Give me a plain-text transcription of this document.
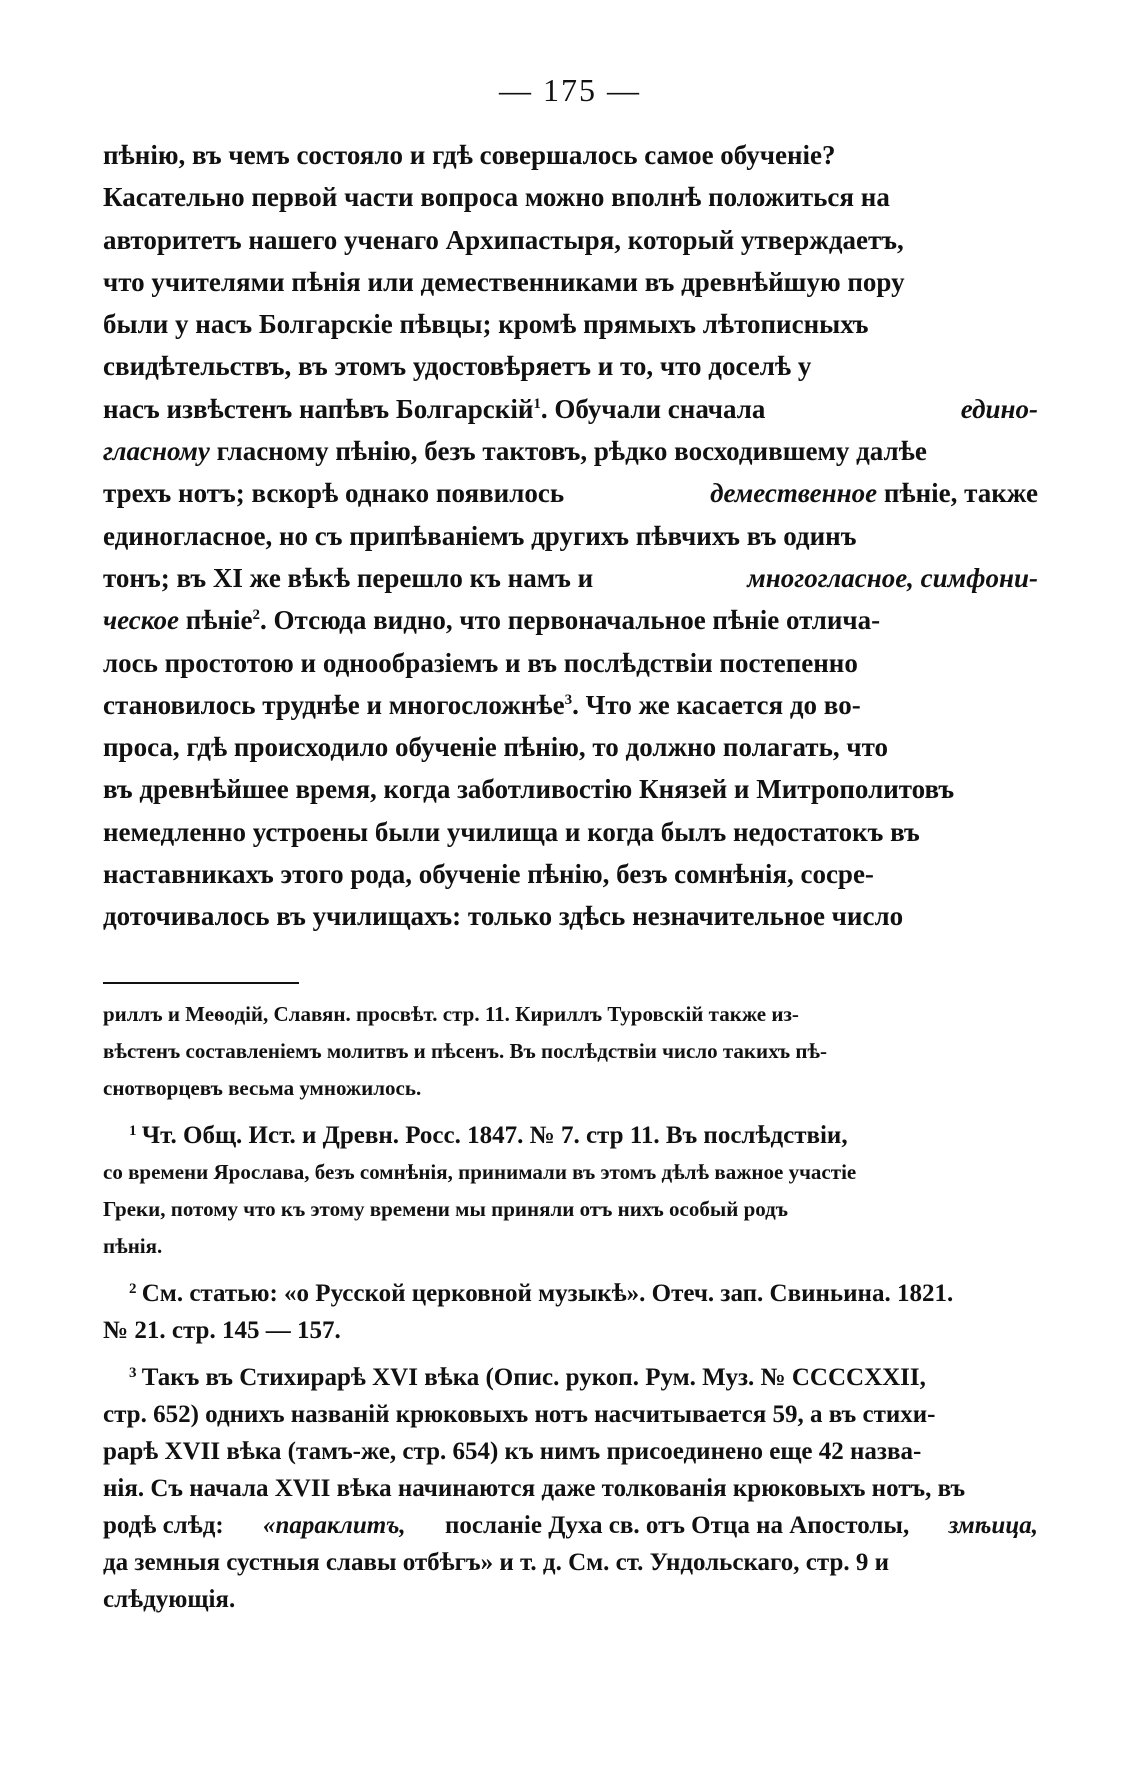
— 175 —
пѣнію, въ чемъ состояло и гдѣ совершалось самое обученіе?
Касательно первой части вопроса можно вполнѣ положиться на
авторитетъ нашего ученаго Архипастыря, который утверждаетъ,
что учителями пѣнія или демественниками въ древнѣйшую пору
были у насъ Болгарскіе пѣвцы; кромѣ прямыхъ лѣтописныхъ
свидѣтельствъ, въ этомъ удостовѣряетъ и то, что доселѣ у
насъ извѣстенъ напѣвъ Болгарскій$^1$. Обучали сначала	едино-
гласному гласному пѣнію, безъ тактовъ, рѣдко восходившему далѣе
трехъ нотъ; вскорѣ однако появилось	демественное пѣніе, также
единогласное, но съ припѣваніемъ другихъ пѣвчихъ въ одинъ
тонъ; въ XI же вѣкѣ перешло къ намъ и	многогласное, симфони-
ческое пѣніе$^2$. Отсюда видно, что первоначальное пѣніе отлича-
лось простотою и однообразіемъ и въ послѣдствіи постепенно
становилось труднѣе и многосложнѣе$^3$. Что же касается до во-
проса, гдѣ происходило обученіе пѣнію, то должно полагать, что
въ древнѣйшее время, когда заботливостію Князей и Митрополитовъ
немедленно устроены были училища и когда былъ недостатокъ въ
наставникахъ этого рода, обученіе пѣнію, безъ сомнѣнія, сосре-
доточивалось въ училищахъ: только здѣсь незначительное число
риллъ и Меѳодій, Славян. просвѣт. стр. 11. Кириллъ Туровскій также из-
вѣстенъ составленіемъ молитвъ и пѣсенъ. Въ послѣдствіи число такихъ пѣ-
снотворцевъ весьма умножилось.
$^1$ Чт. Общ. Ист. и Древн. Росс. 1847. № 7. стр 11. Въ послѣдствіи,
со времени Ярослава, безъ сомнѣнія, принимали въ этомъ дѣлѣ важное участіе
Греки, потому что къ этому времени мы приняли отъ нихъ особый родъ
пѣнія.
$^2$ См. статью: «о Русской церковной музыкѣ». Отеч. зап. Свиньина. 1821.
№ 21. стр. 145 — 157.
$^3$ Такъ въ Стихирарѣ XVI вѣка (Опис. рукоп. Рум. Муз. № CCCCXXII,
стр. 652) однихъ названій крюковыхъ нотъ насчитывается 59, а въ стихи-
рарѣ XVII вѣка (тамъ-же, стр. 654) къ нимъ присоединено еще 42 назва-
нія. Съ начала XVII вѣка начинаются даже толкованія крюковыхъ нотъ, въ
родѣ слѣд: «параклитъ, посланіе Духа св. отъ Отца на Апостолы, змѣица,
да земныя сустныя славы отбѣгъ» и т. д. См. ст. Ундольскаго, стр. 9 и
слѣдующія.
